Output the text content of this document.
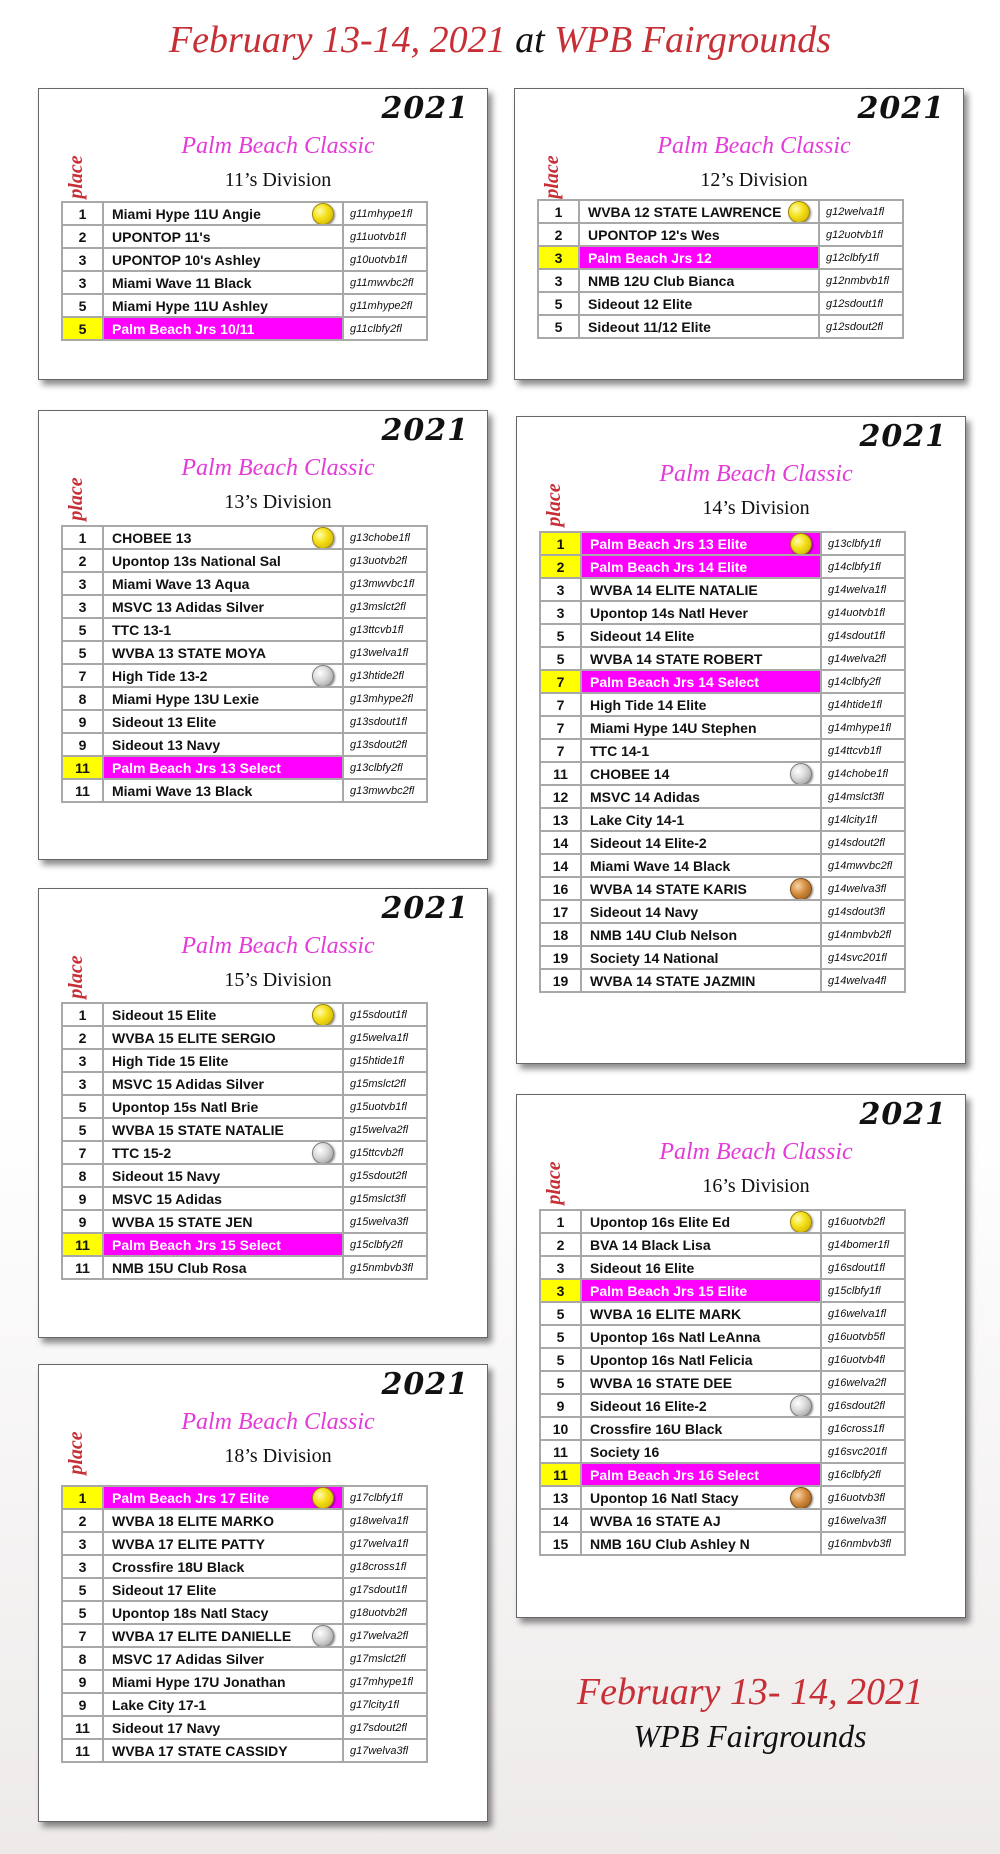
February 13-14, 2021 at WPB Fairgrounds
2021
place
Palm Beach Classic
11’s Division
1	Miami Hype 11U Angie	g11mhype1fl
2	UPONTOP 11's	g11uotvb1fl
3	UPONTOP 10's Ashley	g10uotvb1fl
3	Miami Wave 11 Black	g11mwvbc2fl
5	Miami Hype 11U Ashley	g11mhype2fl
5	Palm Beach Jrs 10/11	g11clbfy2fl
2021
place
Palm Beach Classic
12’s Division
1	WVBA 12 STATE LAWRENCE	g12welva1fl
2	UPONTOP 12's Wes	g12uotvb1fl
3	Palm Beach Jrs 12	g12clbfy1fl
3	NMB 12U Club Bianca	g12nmbvb1fl
5	Sideout 12 Elite	g12sdout1fl
5	Sideout 11/12 Elite	g12sdout2fl
2021
place
Palm Beach Classic
13’s Division
1	CHOBEE 13	g13chobe1fl
2	Upontop 13s National Sal	g13uotvb2fl
3	Miami Wave 13 Aqua	g13mwvbc1fl
3	MSVC 13 Adidas Silver	g13mslct2fl
5	TTC 13-1	g13ttcvb1fl
5	WVBA 13 STATE MOYA	g13welva1fl
7	High Tide 13-2	g13htide2fl
8	Miami Hype 13U Lexie	g13mhype2fl
9	Sideout 13 Elite	g13sdout1fl
9	Sideout 13 Navy	g13sdout2fl
11	Palm Beach Jrs 13 Select	g13clbfy2fl
11	Miami Wave 13 Black	g13mwvbc2fl
2021
place
Palm Beach Classic
14’s Division
1	Palm Beach Jrs 13 Elite	g13clbfy1fl
2	Palm Beach Jrs 14 Elite	g14clbfy1fl
3	WVBA 14 ELITE NATALIE	g14welva1fl
3	Upontop 14s Natl Hever	g14uotvb1fl
5	Sideout 14 Elite	g14sdout1fl
5	WVBA 14 STATE ROBERT	g14welva2fl
7	Palm Beach Jrs 14 Select	g14clbfy2fl
7	High Tide 14 Elite	g14htide1fl
7	Miami Hype 14U Stephen	g14mhype1fl
7	TTC 14-1	g14ttcvb1fl
11	CHOBEE 14	g14chobe1fl
12	MSVC 14 Adidas	g14mslct3fl
13	Lake City 14-1	g14lcity1fl
14	Sideout 14 Elite-2	g14sdout2fl
14	Miami Wave 14 Black	g14mwvbc2fl
16	WVBA 14 STATE KARIS	g14welva3fl
17	Sideout 14 Navy	g14sdout3fl
18	NMB 14U Club Nelson	g14nmbvb2fl
19	Society 14 National	g14svc201fl
19	WVBA 14 STATE JAZMIN	g14welva4fl
2021
place
Palm Beach Classic
15’s Division
1	Sideout 15 Elite	g15sdout1fl
2	WVBA 15 ELITE SERGIO	g15welva1fl
3	High Tide 15 Elite	g15htide1fl
3	MSVC 15 Adidas Silver	g15mslct2fl
5	Upontop 15s Natl Brie	g15uotvb1fl
5	WVBA 15 STATE NATALIE	g15welva2fl
7	TTC 15-2	g15ttcvb2fl
8	Sideout 15 Navy	g15sdout2fl
9	MSVC 15 Adidas	g15mslct3fl
9	WVBA 15 STATE JEN	g15welva3fl
11	Palm Beach Jrs 15 Select	g15clbfy2fl
11	NMB 15U Club Rosa	g15nmbvb3fl
2021
place
Palm Beach Classic
16’s Division
1	Upontop 16s Elite Ed	g16uotvb2fl
2	BVA 14 Black Lisa	g14bomer1fl
3	Sideout 16 Elite	g16sdout1fl
3	Palm Beach Jrs 15 Elite	g15clbfy1fl
5	WVBA 16 ELITE MARK	g16welva1fl
5	Upontop 16s Natl LeAnna	g16uotvb5fl
5	Upontop 16s Natl Felicia	g16uotvb4fl
5	WVBA 16 STATE DEE	g16welva2fl
9	Sideout 16 Elite-2	g16sdout2fl
10	Crossfire 16U Black	g16cross1fl
11	Society 16	g16svc201fl
11	Palm Beach Jrs 16 Select	g16clbfy2fl
13	Upontop 16 Natl Stacy	g16uotvb3fl
14	WVBA 16 STATE AJ	g16welva3fl
15	NMB 16U Club Ashley N	g16nmbvb3fl
2021
place
Palm Beach Classic
18’s Division
1	Palm Beach Jrs 17 Elite	g17clbfy1fl
2	WVBA 18 ELITE MARKO	g18welva1fl
3	WVBA 17 ELITE PATTY	g17welva1fl
3	Crossfire 18U Black	g18cross1fl
5	Sideout 17 Elite	g17sdout1fl
5	Upontop 18s Natl Stacy	g18uotvb2fl
7	WVBA 17 ELITE DANIELLE	g17welva2fl
8	MSVC 17 Adidas Silver	g17mslct2fl
9	Miami Hype 17U Jonathan	g17mhype1fl
9	Lake City 17-1	g17lcity1fl
11	Sideout 17 Navy	g17sdout2fl
11	WVBA 17 STATE CASSIDY	g17welva3fl
February 13- 14, 2021
WPB Fairgrounds
